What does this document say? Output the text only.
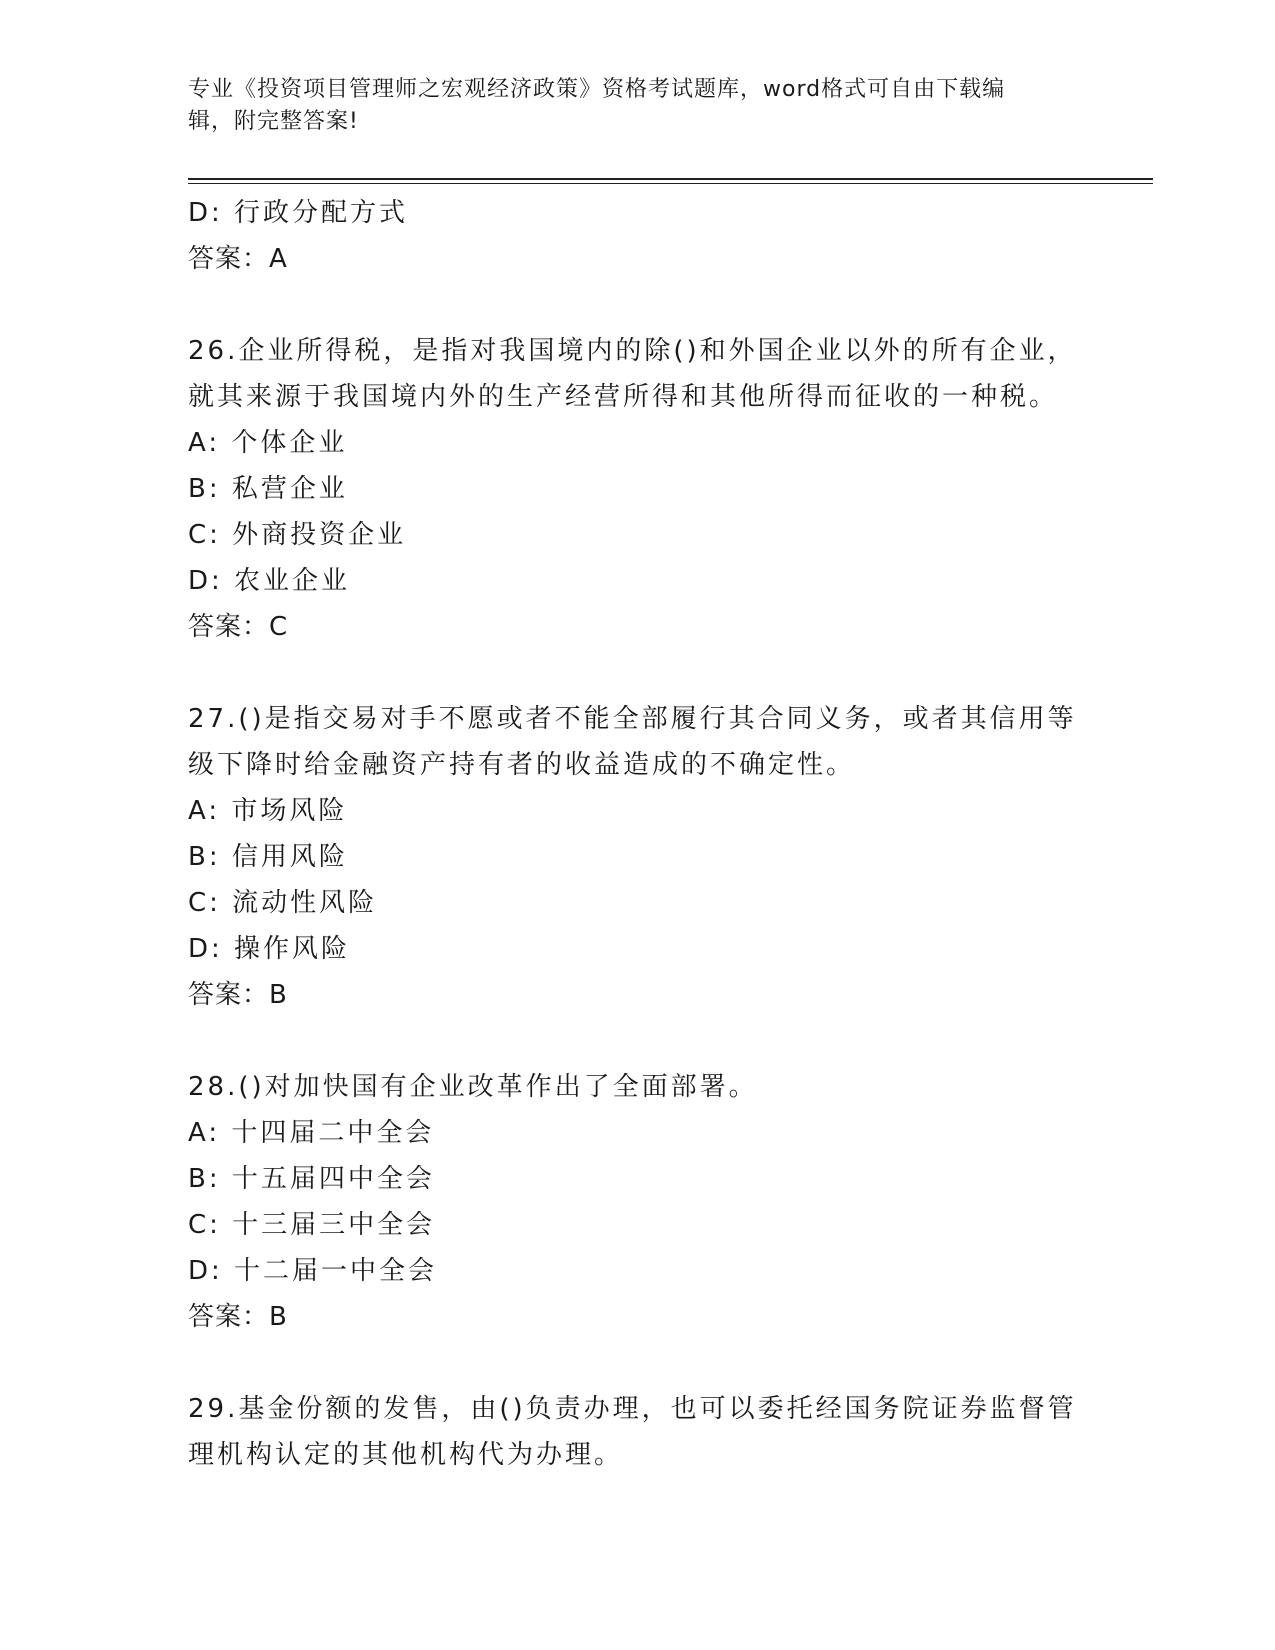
专业《投资项目管理师之宏观经济政策》资格考试题库，word格式可自由下载编
辑，附完整答案!
D: 行政分配方式
答案：A
26.企业所得税，是指对我国境内的除()和外国企业以外的所有企业，
就其来源于我国境内外的生产经营所得和其他所得而征收的一种税。
A: 个体企业
B: 私营企业
C: 外商投资企业
D: 农业企业
答案：C
27.()是指交易对手不愿或者不能全部履行其合同义务，或者其信用等
级下降时给金融资产持有者的收益造成的不确定性。
A: 市场风险
B: 信用风险
C: 流动性风险
D: 操作风险
答案：B
28.()对加快国有企业改革作出了全面部署。
A: 十四届二中全会
B: 十五届四中全会
C: 十三届三中全会
D: 十二届一中全会
答案：B
29.基金份额的发售，由()负责办理，也可以委托经国务院证券监督管
理机构认定的其他机构代为办理。
